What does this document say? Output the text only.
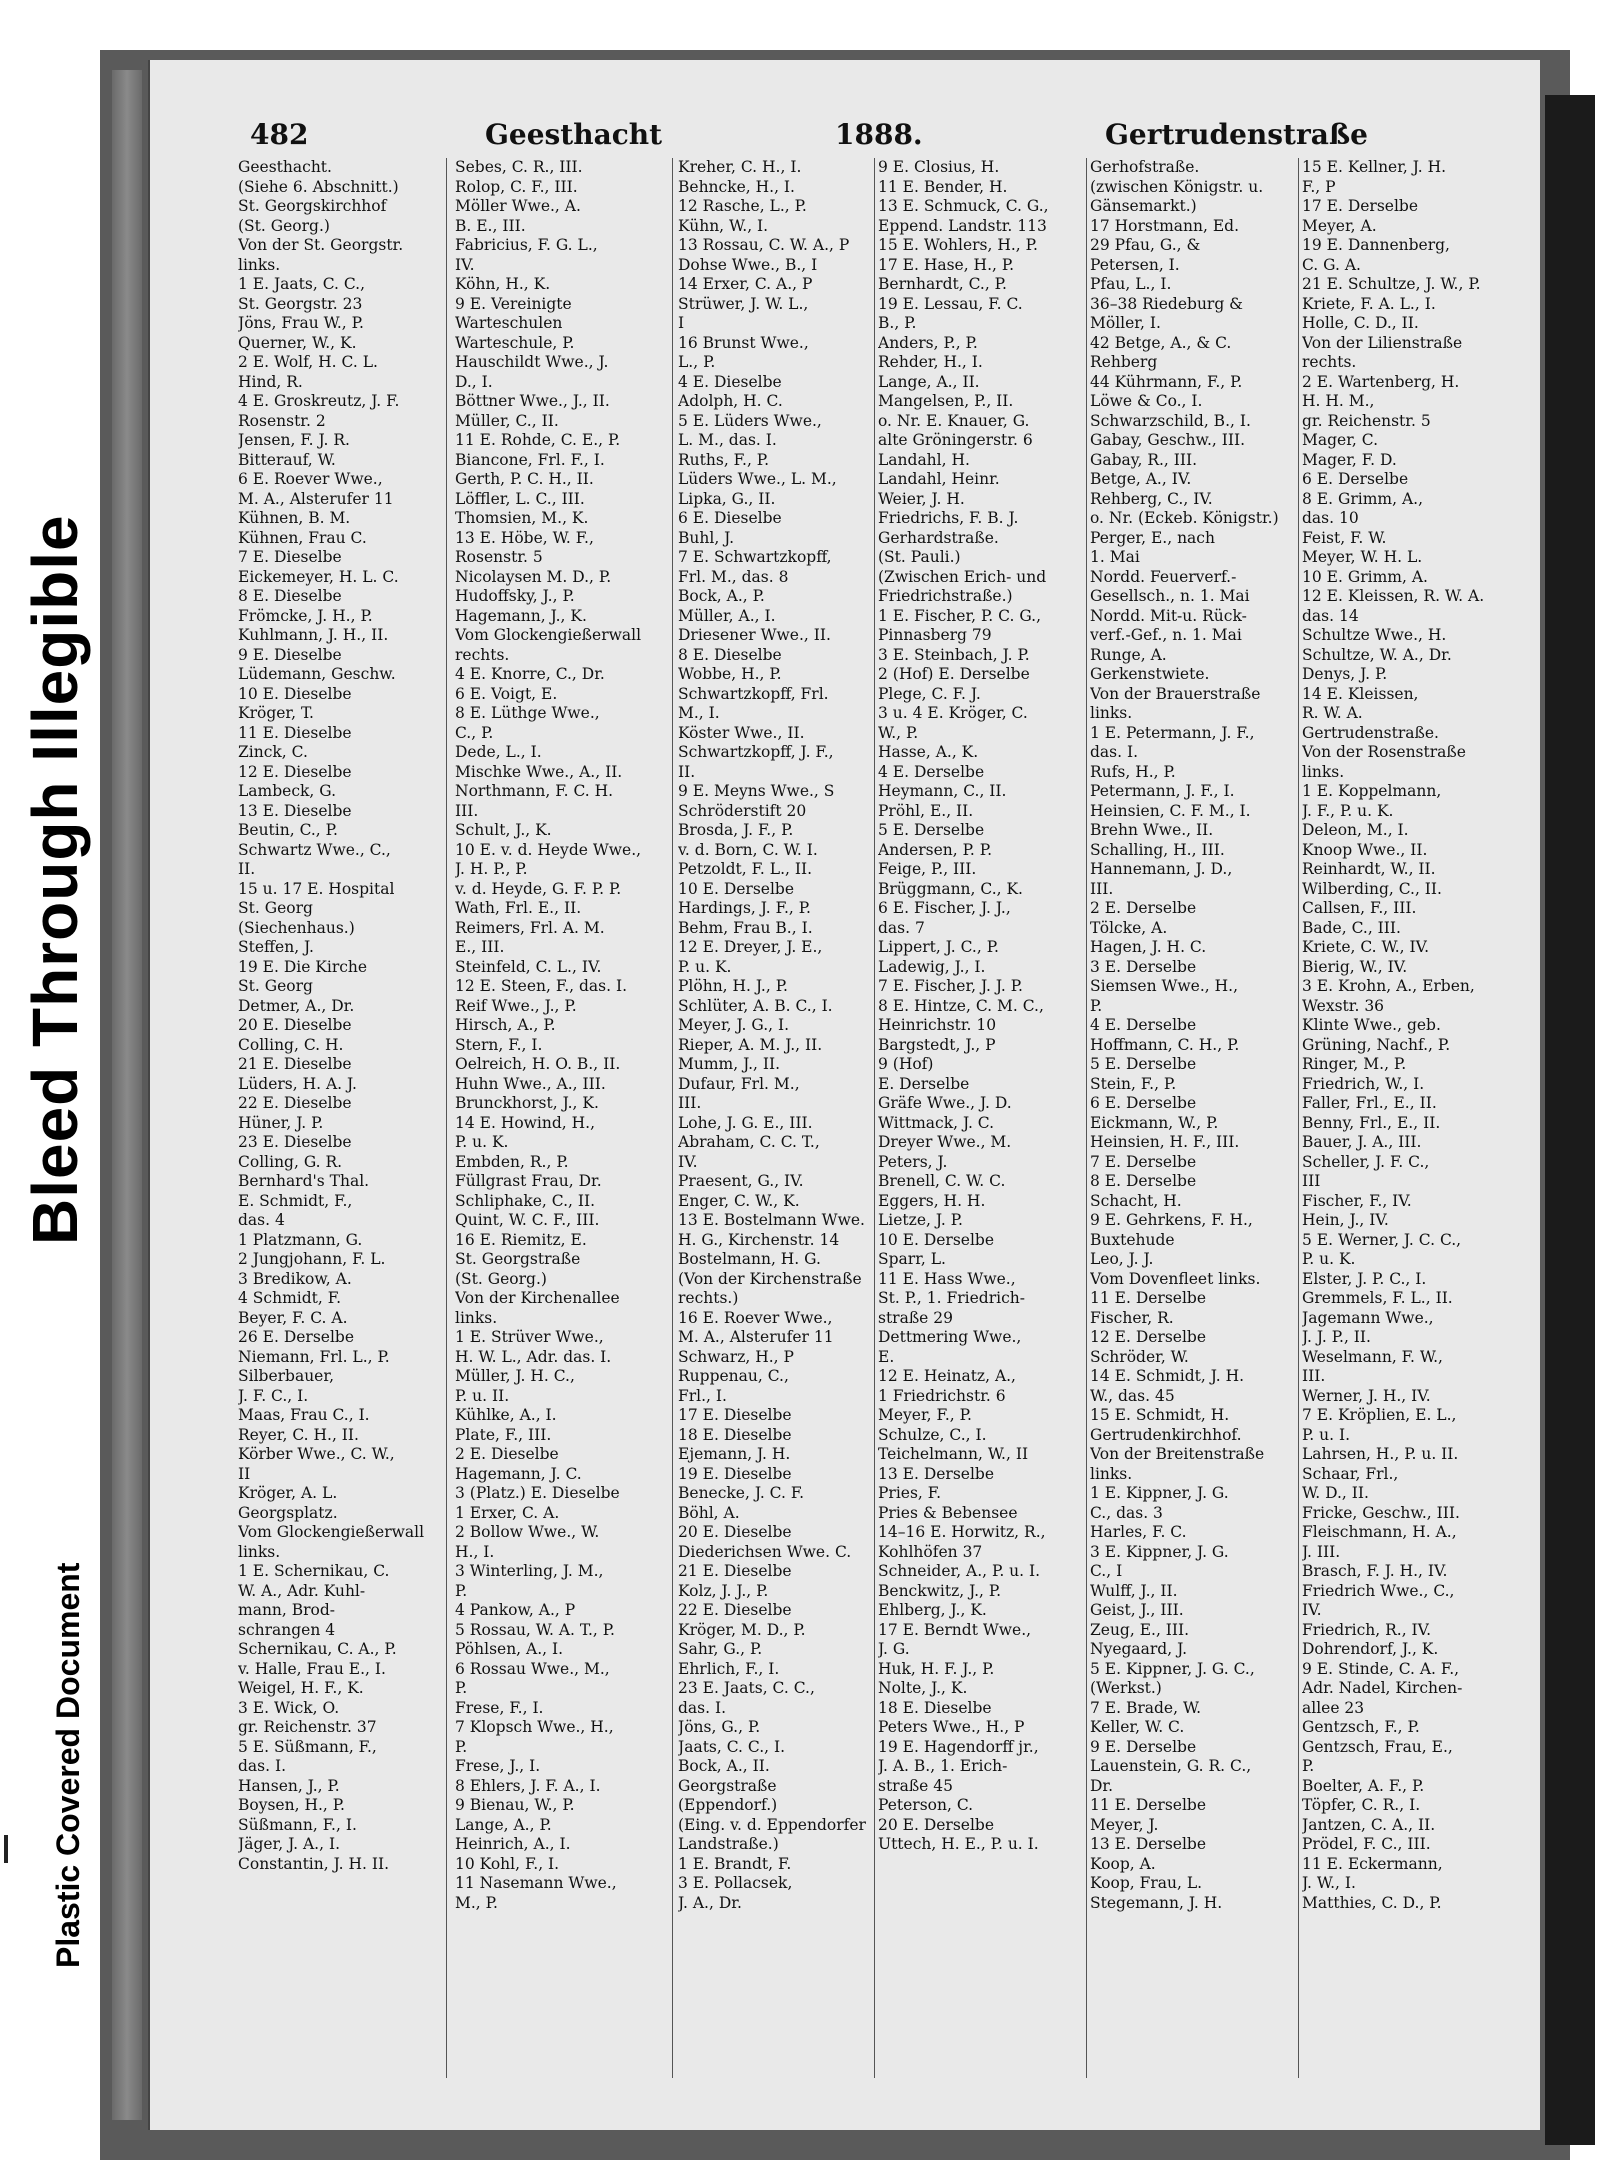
Bleed Through Illegible
Plastic Covered Document
482	Geesthacht	1888.	Gertrudenstraße
Geesthacht.
(Siehe 6. Abschnitt.)
St. Georgskirchhof
(St. Georg.)
Von der St. Georgstr.
links.
1 E. Jaats, C. C.,
St. Georgstr. 23
Jöns, Frau W., P.
Querner, W., K.
2 E. Wolf, H. C. L.
Hind, R.
4 E. Groskreutz, J. F.
Rosenstr. 2
Jensen, F. J. R.
Bitterauf, W.
6 E. Roever Wwe.,
M. A., Alsterufer 11
Kühnen, B. M.
Kühnen, Frau C.
7 E. Dieselbe
Eickemeyer, H. L. C.
8 E. Dieselbe
Frömcke, J. H., P.
Kuhlmann, J. H., II.
9 E. Dieselbe
Lüdemann, Geschw.
10 E. Dieselbe
Kröger, T.
11 E. Dieselbe
Zinck, C.
12 E. Dieselbe
Lambeck, G.
13 E. Dieselbe
Beutin, C., P.
Schwartz Wwe., C.,
II.
15 u. 17 E. Hospital
St. Georg
(Siechenhaus.)
Steffen, J.
19 E. Die Kirche
St. Georg
Detmer, A., Dr.
20 E. Dieselbe
Colling, C. H.
21 E. Dieselbe
Lüders, H. A. J.
22 E. Dieselbe
Hüner, J. P.
23 E. Dieselbe
Colling, G. R.
Bernhard's Thal.
E. Schmidt, F.,
das. 4
1 Platzmann, G.
2 Jungjohann, F. L.
3 Bredikow, A.
4 Schmidt, F.
Beyer, F. C. A.
26 E. Derselbe
Niemann, Frl. L., P.
Silberbauer,
J. F. C., I.
Maas, Frau C., I.
Reyer, C. H., II.
Körber Wwe., C. W.,
II
Kröger, A. L.
Georgsplatz.
Vom Glockengießerwall
links.
1 E. Schernikau, C.
W. A., Adr. Kuhl-
mann, Brod-
schrangen 4
Schernikau, C. A., P.
v. Halle, Frau E., I.
Weigel, H. F., K.
3 E. Wick, O.
gr. Reichenstr. 37
5 E. Süßmann, F.,
das. I.
Hansen, J., P.
Boysen, H., P.
Süßmann, F., I.
Jäger, J. A., I.
Constantin, J. H. II.
Sebes, C. R., III.
Rolop, C. F., III.
Möller Wwe., A.
B. E., III.
Fabricius, F. G. L.,
IV.
Köhn, H., K.
9 E. Vereinigte
Warteschulen
Warteschule, P.
Hauschildt Wwe., J.
D., I.
Böttner Wwe., J., II.
Müller, C., II.
11 E. Rohde, C. E., P.
Biancone, Frl. F., I.
Gerth, P. C. H., II.
Löffler, L. C., III.
Thomsien, M., K.
13 E. Höbe, W. F.,
Rosenstr. 5
Nicolaysen M. D., P.
Hudoffsky, J., P.
Hagemann, J., K.
Vom Glockengießerwall
rechts.
4 E. Knorre, C., Dr.
6 E. Voigt, E.
8 E. Lüthge Wwe.,
C., P.
Dede, L., I.
Mischke Wwe., A., II.
Northmann, F. C. H.
III.
Schult, J., K.
10 E. v. d. Heyde Wwe.,
J. H. P., P.
v. d. Heyde, G. F. P. P.
Wath, Frl. E., II.
Reimers, Frl. A. M.
E., III.
Steinfeld, C. L., IV.
12 E. Steen, F., das. I.
Reif Wwe., J., P.
Hirsch, A., P.
Stern, F., I.
Oelreich, H. O. B., II.
Huhn Wwe., A., III.
Brunckhorst, J., K.
14 E. Howind, H.,
P. u. K.
Embden, R., P.
Füllgrast Frau, Dr.
Schliphake, C., II.
Quint, W. C. F., III.
16 E. Riemitz, E.
St. Georgstraße
(St. Georg.)
Von der Kirchenallee
links.
1 E. Strüver Wwe.,
H. W. L., Adr. das. I.
Müller, J. H. C.,
P. u. II.
Kühlke, A., I.
Plate, F., III.
2 E. Dieselbe
Hagemann, J. C.
3 (Platz.) E. Dieselbe
1 Erxer, C. A.
2 Bollow Wwe., W.
H., I.
3 Winterling, J. M.,
P.
4 Pankow, A., P
5 Rossau, W. A. T., P.
Pöhlsen, A., I.
6 Rossau Wwe., M.,
P.
Frese, F., I.
7 Klopsch Wwe., H.,
P.
Frese, J., I.
8 Ehlers, J. F. A., I.
9 Bienau, W., P.
Lange, A., P.
Heinrich, A., I.
10 Kohl, F., I.
11 Nasemann Wwe.,
M., P.
Kreher, C. H., I.
Behncke, H., I.
12 Rasche, L., P.
Kühn, W., I.
13 Rossau, C. W. A., P
Dohse Wwe., B., I
14 Erxer, C. A., P
Strüwer, J. W. L.,
I
16 Brunst Wwe.,
L., P.
4 E. Dieselbe
Adolph, H. C.
5 E. Lüders Wwe.,
L. M., das. I.
Ruths, F., P.
Lüders Wwe., L. M.,
Lipka, G., II.
6 E. Dieselbe
Buhl, J.
7 E. Schwartzkopff,
Frl. M., das. 8
Bock, A., P.
Müller, A., I.
Driesener Wwe., II.
8 E. Dieselbe
Wobbe, H., P.
Schwartzkopff, Frl.
M., I.
Köster Wwe., II.
Schwartzkopff, J. F.,
II.
9 E. Meyns Wwe., S
Schröderstift 20
Brosda, J. F., P.
v. d. Born, C. W. I.
Petzoldt, F. L., II.
10 E. Derselbe
Hardings, J. F., P.
Behm, Frau B., I.
12 E. Dreyer, J. E.,
P. u. K.
Plöhn, H. J., P.
Schlüter, A. B. C., I.
Meyer, J. G., I.
Rieper, A. M. J., II.
Mumm, J., II.
Dufaur, Frl. M.,
III.
Lohe, J. G. E., III.
Abraham, C. C. T.,
IV.
Praesent, G., IV.
Enger, C. W., K.
13 E. Bostelmann Wwe.
H. G., Kirchenstr. 14
Bostelmann, H. G.
(Von der Kirchenstraße
rechts.)
16 E. Roever Wwe.,
M. A., Alsterufer 11
Schwarz, H., P
Ruppenau, C.,
Frl., I.
17 E. Dieselbe
18 E. Dieselbe
Ejemann, J. H.
19 E. Dieselbe
Benecke, J. C. F.
Böhl, A.
20 E. Dieselbe
Diederichsen Wwe. C.
21 E. Dieselbe
Kolz, J. J., P.
22 E. Dieselbe
Kröger, M. D., P.
Sahr, G., P.
Ehrlich, F., I.
23 E. Jaats, C. C.,
das. I.
Jöns, G., P.
Jaats, C. C., I.
Bock, A., II.
Georgstraße
(Eppendorf.)
(Eing. v. d. Eppendorfer
Landstraße.)
1 E. Brandt, F.
3 E. Pollacsek,
J. A., Dr.
9 E. Closius, H.
11 E. Bender, H.
13 E. Schmuck, C. G.,
Eppend. Landstr. 113
15 E. Wohlers, H., P.
17 E. Hase, H., P.
Bernhardt, C., P.
19 E. Lessau, F. C.
B., P.
Anders, P., P.
Rehder, H., I.
Lange, A., II.
Mangelsen, P., II.
o. Nr. E. Knauer, G.
alte Gröningerstr. 6
Landahl, H.
Landahl, Heinr.
Weier, J. H.
Friedrichs, F. B. J.
Gerhardstraße.
(St. Pauli.)
(Zwischen Erich- und
Friedrichstraße.)
1 E. Fischer, P. C. G.,
Pinnasberg 79
3 E. Steinbach, J. P.
2 (Hof) E. Derselbe
Plege, C. F. J.
3 u. 4 E. Kröger, C.
W., P.
Hasse, A., K.
4 E. Derselbe
Heymann, C., II.
Pröhl, E., II.
5 E. Derselbe
Andersen, P. P.
Feige, P., III.
Brüggmann, C., K.
6 E. Fischer, J. J.,
das. 7
Lippert, J. C., P.
Ladewig, J., I.
7 E. Fischer, J. J. P.
8 E. Hintze, C. M. C.,
Heinrichstr. 10
Bargstedt, J., P
9 (Hof)
E. Derselbe
Gräfe Wwe., J. D.
Wittmack, J. C.
Dreyer Wwe., M.
Peters, J.
Brenell, C. W. C.
Eggers, H. H.
Lietze, J. P.
10 E. Derselbe
Sparr, L.
11 E. Hass Wwe.,
St. P., 1. Friedrich-
straße 29
Dettmering Wwe.,
E.
12 E. Heinatz, A.,
1 Friedrichstr. 6
Meyer, F., P.
Schulze, C., I.
Teichelmann, W., II
13 E. Derselbe
Pries, F.
Pries & Bebensee
14–16 E. Horwitz, R.,
Kohlhöfen 37
Schneider, A., P. u. I.
Benckwitz, J., P.
Ehlberg, J., K.
17 E. Berndt Wwe.,
J. G.
Huk, H. F. J., P.
Nolte, J., K.
18 E. Dieselbe
Peters Wwe., H., P
19 E. Hagendorff jr.,
J. A. B., 1. Erich-
straße 45
Peterson, C.
20 E. Derselbe
Uttech, H. E., P. u. I.
Gerhofstraße.
(zwischen Königstr. u.
Gänsemarkt.)
17 Horstmann, Ed.
29 Pfau, G., &
Petersen, I.
Pfau, L., I.
36–38 Riedeburg &
Möller, I.
42 Betge, A., & C.
Rehberg
44 Kührmann, F., P.
Löwe & Co., I.
Schwarzschild, B., I.
Gabay, Geschw., III.
Gabay, R., III.
Betge, A., IV.
Rehberg, C., IV.
o. Nr. (Eckeb. Königstr.)
Perger, E., nach
1. Mai
Nordd. Feuerverf.-
Gesellsch., n. 1. Mai
Nordd. Mit-u. Rück-
verf.-Gef., n. 1. Mai
Runge, A.
Gerkenstwiete.
Von der Brauerstraße
links.
1 E. Petermann, J. F.,
das. I.
Rufs, H., P.
Petermann, J. F., I.
Heinsien, C. F. M., I.
Brehn Wwe., II.
Schalling, H., III.
Hannemann, J. D.,
III.
2 E. Derselbe
Tölcke, A.
Hagen, J. H. C.
3 E. Derselbe
Siemsen Wwe., H.,
P.
4 E. Derselbe
Hoffmann, C. H., P.
5 E. Derselbe
Stein, F., P.
6 E. Derselbe
Eickmann, W., P.
Heinsien, H. F., III.
7 E. Derselbe
8 E. Derselbe
Schacht, H.
9 E. Gehrkens, F. H.,
Buxtehude
Leo, J. J.
Vom Dovenfleet links.
11 E. Derselbe
Fischer, R.
12 E. Derselbe
Schröder, W.
14 E. Schmidt, J. H.
W., das. 45
15 E. Schmidt, H.
Gertrudenkirchhof.
Von der Breitenstraße
links.
1 E. Kippner, J. G.
C., das. 3
Harles, F. C.
3 E. Kippner, J. G.
C., I
Wulff, J., II.
Geist, J., III.
Zeug, E., III.
Nyegaard, J.
5 E. Kippner, J. G. C.,
(Werkst.)
7 E. Brade, W.
Keller, W. C.
9 E. Derselbe
Lauenstein, G. R. C.,
Dr.
11 E. Derselbe
Meyer, J.
13 E. Derselbe
Koop, A.
Koop, Frau, L.
Stegemann, J. H.
15 E. Kellner, J. H.
F., P
17 E. Derselbe
Meyer, A.
19 E. Dannenberg,
C. G. A.
21 E. Schultze, J. W., P.
Kriete, F. A. L., I.
Holle, C. D., II.
Von der Lilienstraße
rechts.
2 E. Wartenberg, H.
H. H. M.,
gr. Reichenstr. 5
Mager, C.
Mager, F. D.
6 E. Derselbe
8 E. Grimm, A.,
das. 10
Feist, F. W.
Meyer, W. H. L.
10 E. Grimm, A.
12 E. Kleissen, R. W. A.
das. 14
Schultze Wwe., H.
Schultze, W. A., Dr.
Denys, J. P.
14 E. Kleissen,
R. W. A.
Gertrudenstraße.
Von der Rosenstraße
links.
1 E. Koppelmann,
J. F., P. u. K.
Deleon, M., I.
Knoop Wwe., II.
Reinhardt, W., II.
Wilberding, C., II.
Callsen, F., III.
Bade, C., III.
Kriete, C. W., IV.
Bierig, W., IV.
3 E. Krohn, A., Erben,
Wexstr. 36
Klinte Wwe., geb.
Grüning, Nachf., P.
Ringer, M., P.
Friedrich, W., I.
Faller, Frl., E., II.
Benny, Frl., E., II.
Bauer, J. A., III.
Scheller, J. F. C.,
III
Fischer, F., IV.
Hein, J., IV.
5 E. Werner, J. C. C.,
P. u. K.
Elster, J. P. C., I.
Gremmels, F. L., II.
Jagemann Wwe.,
J. J. P., II.
Weselmann, F. W.,
III.
Werner, J. H., IV.
7 E. Kröplien, E. L.,
P. u. I.
Lahrsen, H., P. u. II.
Schaar, Frl.,
W. D., II.
Fricke, Geschw., III.
Fleischmann, H. A.,
J. III.
Brasch, F. J. H., IV.
Friedrich Wwe., C.,
IV.
Friedrich, R., IV.
Dohrendorf, J., K.
9 E. Stinde, C. A. F.,
Adr. Nadel, Kirchen-
allee 23
Gentzsch, F., P.
Gentzsch, Frau, E.,
P.
Boelter, A. F., P.
Töpfer, C. R., I.
Jantzen, C. A., II.
Prödel, F. C., III.
11 E. Eckermann,
J. W., I.
Matthies, C. D., P.
